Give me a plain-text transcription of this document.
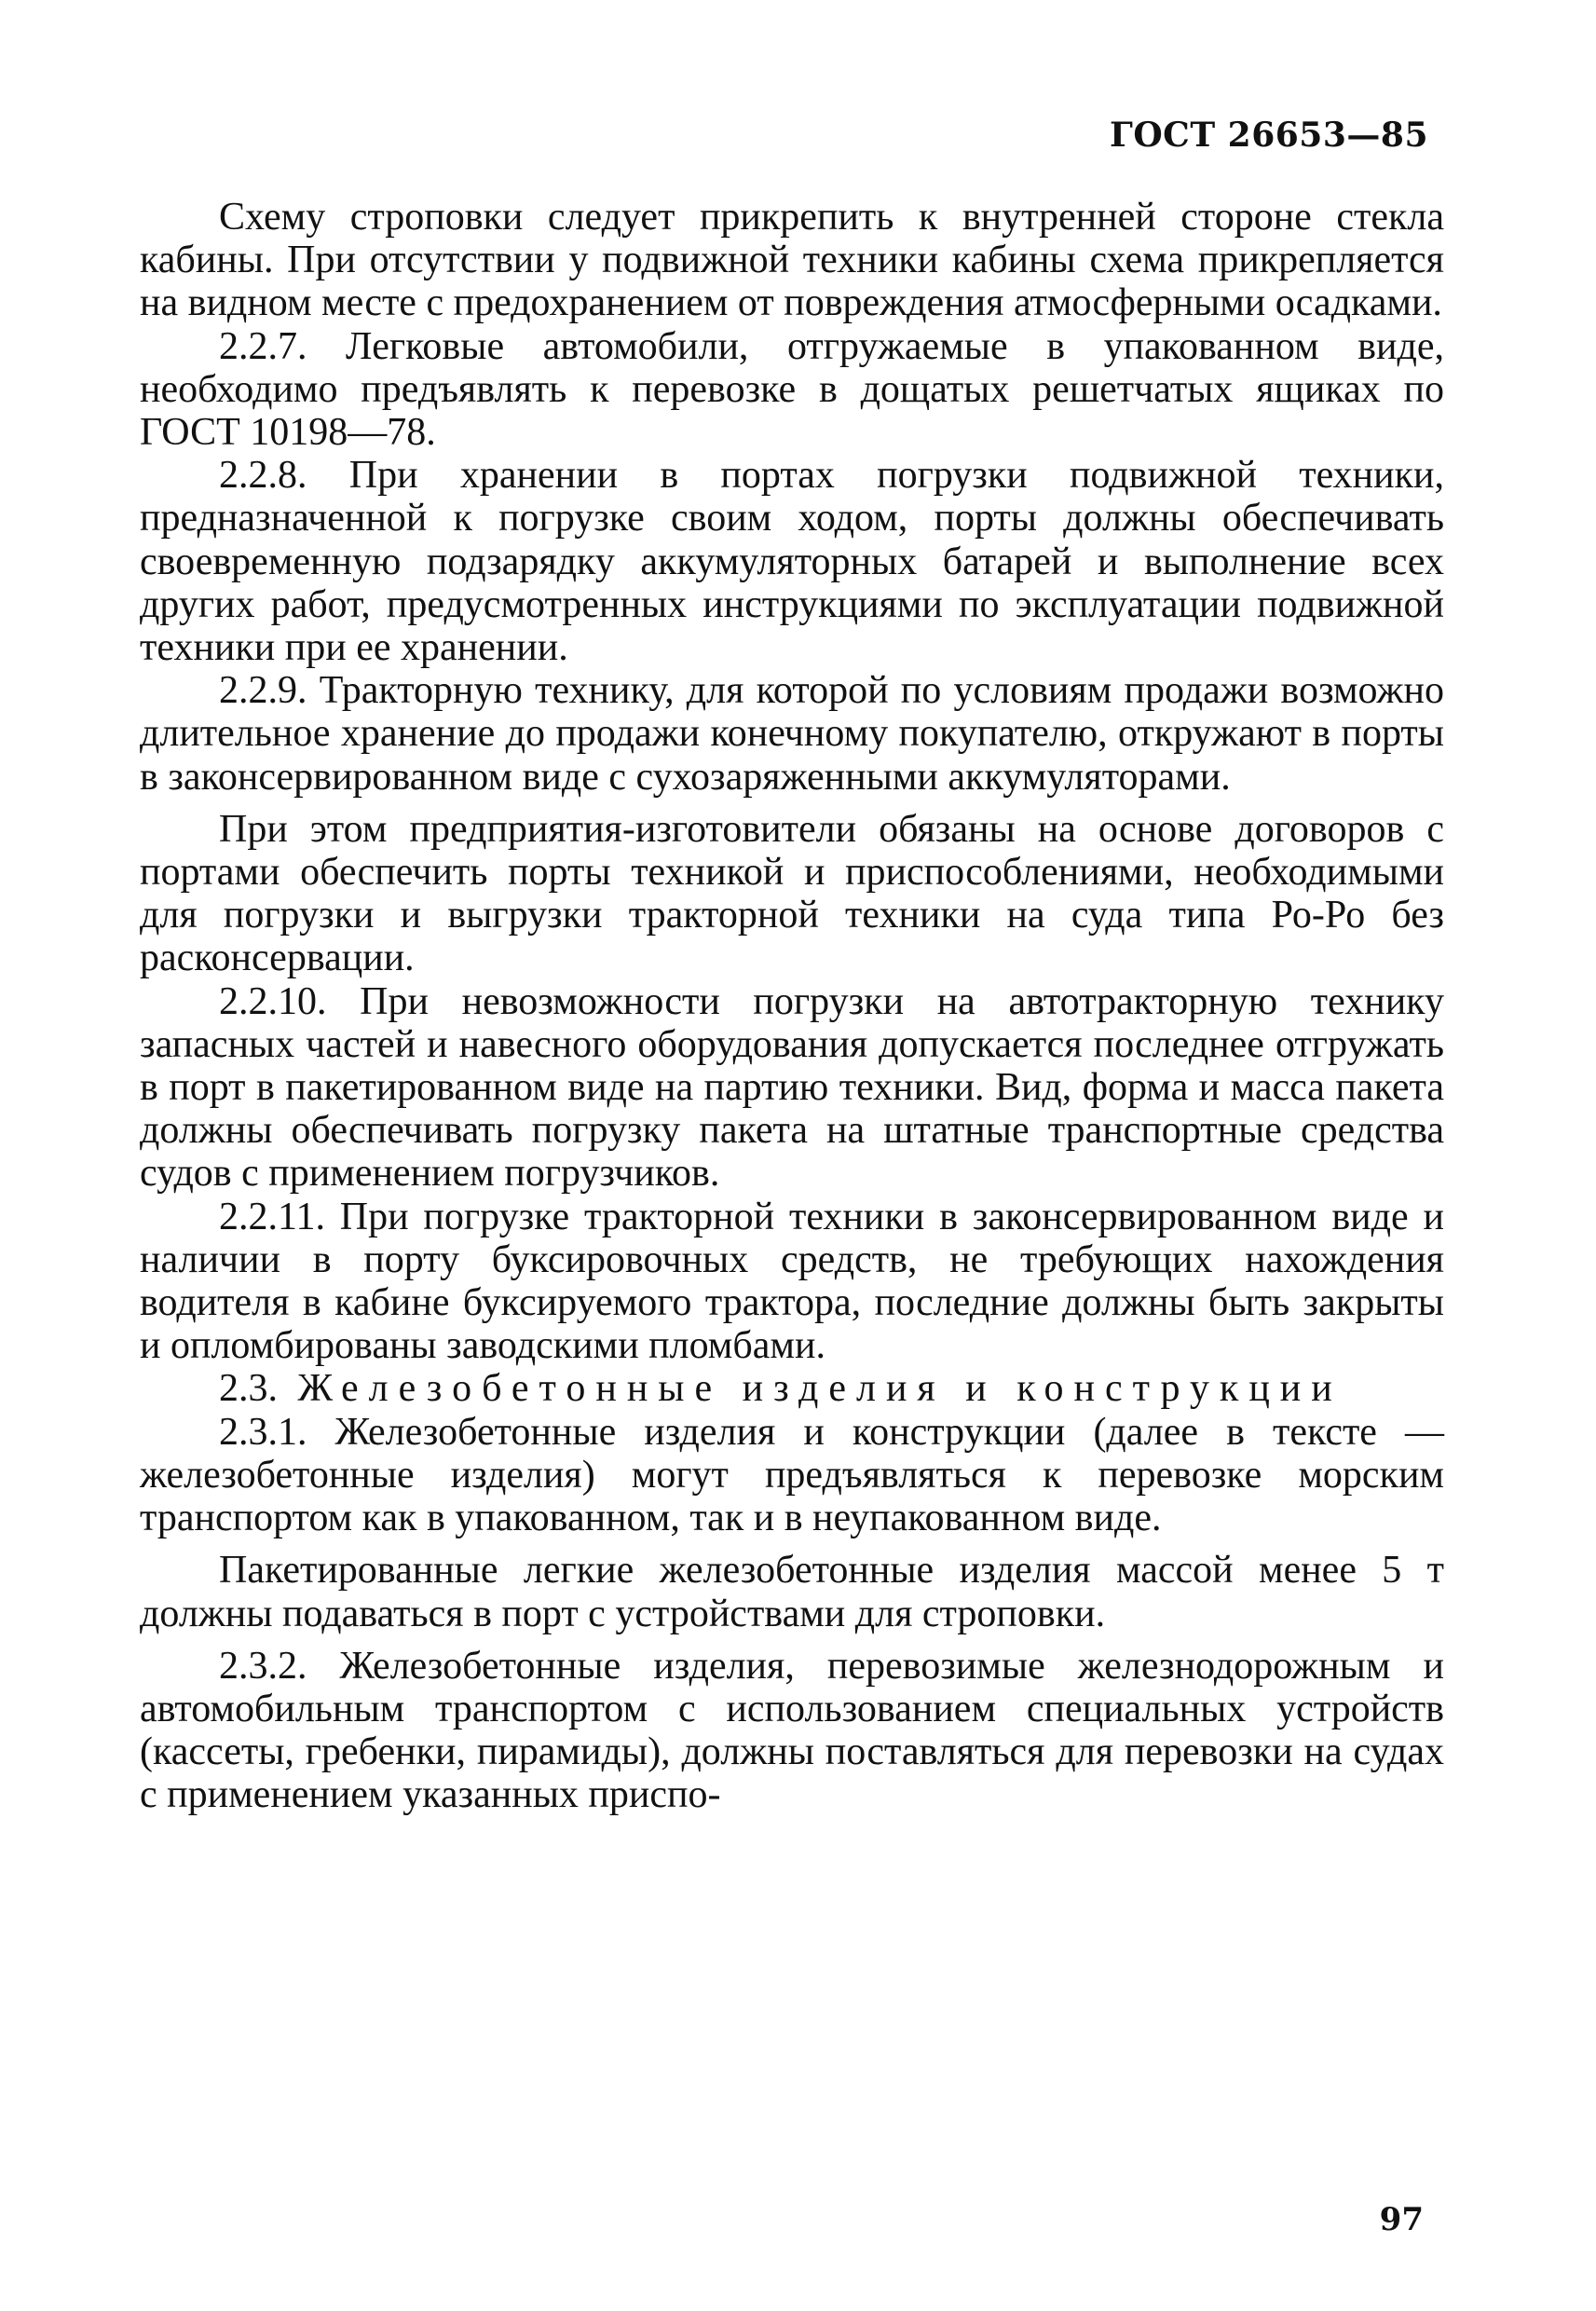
ГОСТ 26653—85

Схему строповки следует прикрепить к внутренней стороне стекла кабины. При отсутствии у подвижной техники кабины схема прикрепляется на видном месте с предохранением от повреждения атмосферными осадками.

2.2.7. Легковые автомобили, отгружаемые в упакованном виде, необходимо предъявлять к перевозке в дощатых решетчатых ящиках по ГОСТ 10198—78.

2.2.8. При хранении в портах погрузки подвижной техники, предназначенной к погрузке своим ходом, порты должны обеспечивать своевременную подзарядку аккумуляторных батарей и выполнение всех других работ, предусмотренных инструкциями по эксплуатации подвижной техники при ее хранении.

2.2.9. Тракторную технику, для которой по условиям продажи возможно длительное хранение до продажи конечному покупателю, откружают в порты в законсервированном виде с сухозаряженными аккумуляторами.

При этом предприятия-изготовители обязаны на основе договоров с портами обеспечить порты техникой и приспособлениями, необходимыми для погрузки и выгрузки тракторной техники на суда типа Ро-Ро без расконсервации.

2.2.10. При невозможности погрузки на автотракторную технику запасных частей и навесного оборудования допускается последнее отгружать в порт в пакетированном виде на партию техники. Вид, форма и масса пакета должны обеспечивать погрузку пакета на штатные транспортные средства судов с применением погрузчиков.

2.2.11. При погрузке тракторной техники в законсервированном виде и наличии в порту буксировочных средств, не требующих нахождения водителя в кабине буксируемого трактора, последние должны быть закрыты и опломбированы заводскими пломбами.

2.3. Железобетонные изделия и конструкции

2.3.1. Железобетонные изделия и конструкции (далее в тексте — железобетонные изделия) могут предъявляться к перевозке морским транспортом как в упакованном, так и в неупакованном виде.

Пакетированные легкие железобетонные изделия массой менее 5 т должны подаваться в порт с устройствами для строповки.

2.3.2. Железобетонные изделия, перевозимые железнодорожным и автомобильным транспортом с использованием специальных устройств (кассеты, гребенки, пирамиды), должны поставляться для перевозки на судах с применением указанных приспо-

97
